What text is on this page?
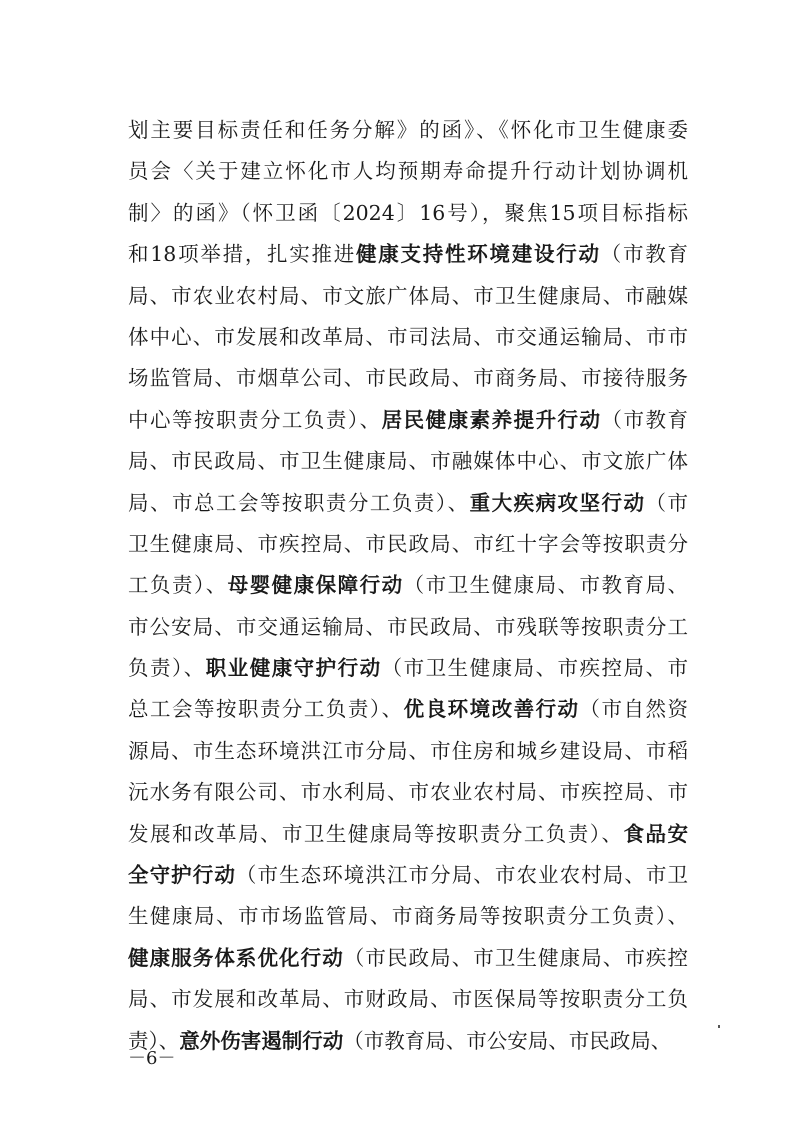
划主要目标责任和任务分解》的函》、《怀化市卫生健康委
员会〈关于建立怀化市人均预期寿命提升行动计划协调机
制〉的函》（怀卫函〔2024〕16号），聚焦15项目标指标
和18项举措，扎实推进健康支持性环境建设行动（市教育
局、市农业农村局、市文旅广体局、市卫生健康局、市融媒
体中心、市发展和改革局、市司法局、市交通运输局、市市
场监管局、市烟草公司、市民政局、市商务局、市接待服务
中心等按职责分工负责）、居民健康素养提升行动（市教育
局、市民政局、市卫生健康局、市融媒体中心、市文旅广体
局、市总工会等按职责分工负责）、重大疾病攻坚行动（市
卫生健康局、市疾控局、市民政局、市红十字会等按职责分
工负责）、母婴健康保障行动（市卫生健康局、市教育局、
市公安局、市交通运输局、市民政局、市残联等按职责分工
负责）、职业健康守护行动（市卫生健康局、市疾控局、市
总工会等按职责分工负责）、优良环境改善行动（市自然资
源局、市生态环境洪江市分局、市住房和城乡建设局、市稻
沅水务有限公司、市水利局、市农业农村局、市疾控局、市
发展和改革局、市卫生健康局等按职责分工负责）、食品安
全守护行动（市生态环境洪江市分局、市农业农村局、市卫
生健康局、市市场监管局、市商务局等按职责分工负责）、
健康服务体系优化行动（市民政局、市卫生健康局、市疾控
局、市发展和改革局、市财政局、市医保局等按职责分工负
责）、意外伤害遏制行动（市教育局、市公安局、市民政局、
－6－
